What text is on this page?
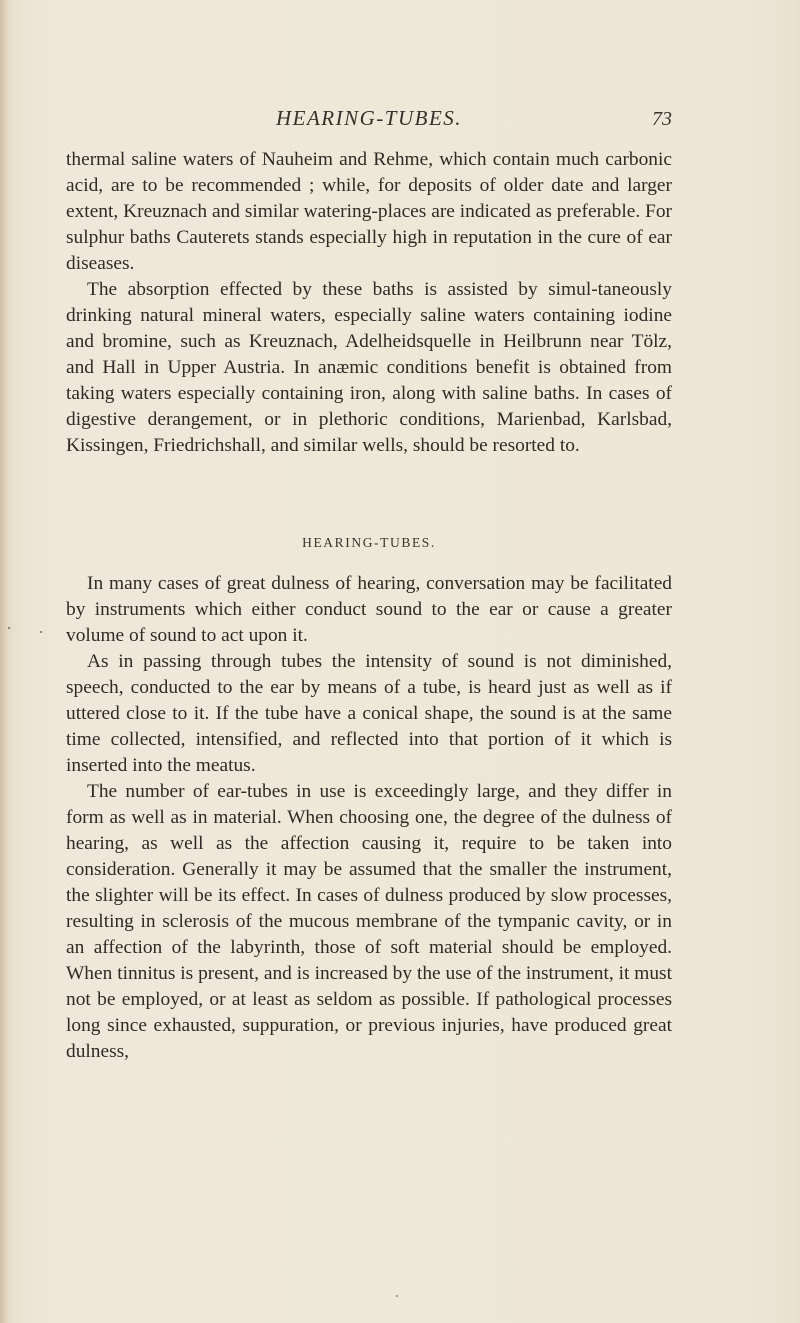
HEARING-TUBES.	73

thermal saline waters of Nauheim and Rehme, which contain much carbonic acid, are to be recommended ; while, for deposits of older date and larger extent, Kreuznach and similar watering-places are indicated as preferable. For sulphur baths Cauterets stands especially high in reputation in the cure of ear diseases.

The absorption effected by these baths is assisted by simul-taneously drinking natural mineral waters, especially saline waters containing iodine and bromine, such as Kreuznach, Adelheidsquelle in Heilbrunn near Tölz, and Hall in Upper Austria. In anæmic conditions benefit is obtained from taking waters especially containing iron, along with saline baths. In cases of digestive derangement, or in plethoric conditions, Marienbad, Karlsbad, Kissingen, Friedrichshall, and similar wells, should be resorted to.

HEARING-TUBES.

In many cases of great dulness of hearing, conversation may be facilitated by instruments which either conduct sound to the ear or cause a greater volume of sound to act upon it.

As in passing through tubes the intensity of sound is not diminished, speech, conducted to the ear by means of a tube, is heard just as well as if uttered close to it. If the tube have a conical shape, the sound is at the same time collected, intensified, and reflected into that portion of it which is inserted into the meatus.

The number of ear-tubes in use is exceedingly large, and they differ in form as well as in material. When choosing one, the degree of the dulness of hearing, as well as the affection causing it, require to be taken into consideration. Generally it may be assumed that the smaller the instrument, the slighter will be its effect. In cases of dulness produced by slow processes, resulting in sclerosis of the mucous membrane of the tympanic cavity, or in an affection of the labyrinth, those of soft material should be employed. When tinnitus is present, and is increased by the use of the instrument, it must not be employed, or at least as seldom as possible. If pathological processes long since exhausted, suppuration, or previous injuries, have produced great dulness,
